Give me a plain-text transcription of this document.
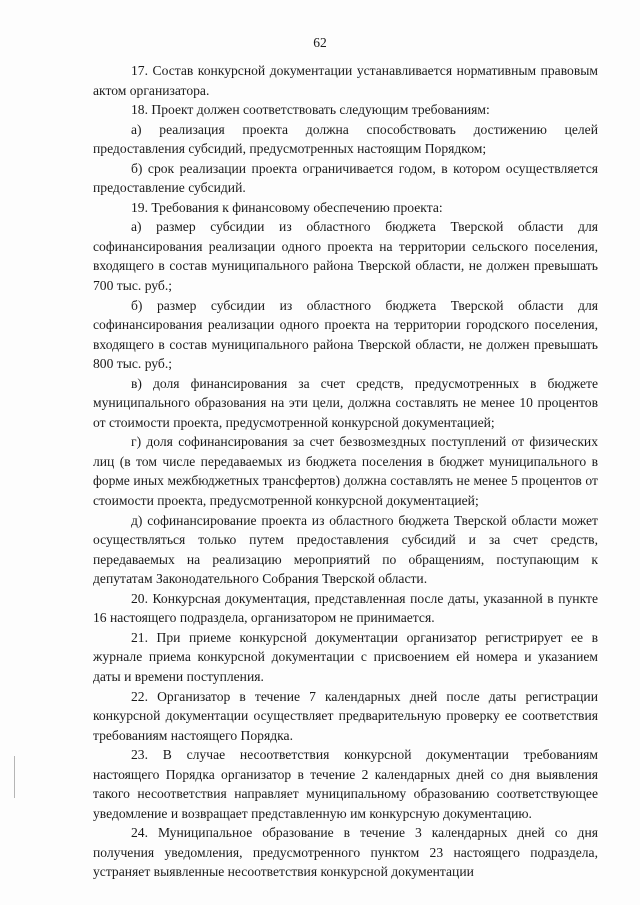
62

17. Состав конкурсной документации устанавливается нормативным правовым актом организатора.

18. Проект должен соответствовать следующим требованиям:

а) реализация проекта должна способствовать достижению целей предоставления субсидий, предусмотренных настоящим Порядком;

б) срок реализации проекта ограничивается годом, в котором осуществляется предоставление субсидий.

19. Требования к финансовому обеспечению проекта:

а) размер субсидии из областного бюджета Тверской области для софинансирования реализации одного проекта на территории сельского поселения, входящего в состав муниципального района Тверской области, не должен превышать 700 тыс. руб.;

б) размер субсидии из областного бюджета Тверской области для софинансирования реализации одного проекта на территории городского поселения, входящего в состав муниципального района Тверской области, не должен превышать 800 тыс. руб.;

в) доля финансирования за счет средств, предусмотренных в бюджете муниципального образования на эти цели, должна составлять не менее 10 процентов от стоимости проекта, предусмотренной конкурсной документацией;

г) доля софинансирования за счет безвозмездных поступлений от физических лиц (в том числе передаваемых из бюджета поселения в бюджет муниципального в форме иных межбюджетных трансфертов) должна составлять не менее 5 процентов от стоимости проекта, предусмотренной конкурсной документацией;

д) софинансирование проекта из областного бюджета Тверской области может осуществляться только путем предоставления субсидий и за счет средств, передаваемых на реализацию мероприятий по обращениям, поступающим к депутатам Законодательного Собрания Тверской области.

20. Конкурсная документация, представленная после даты, указанной в пункте 16 настоящего подраздела, организатором не принимается.

21. При приеме конкурсной документации организатор регистрирует ее в журнале приема конкурсной документации с присвоением ей номера и указанием даты и времени поступления.

22. Организатор в течение 7 календарных дней после даты регистрации конкурсной документации осуществляет предварительную проверку ее соответствия требованиям настоящего Порядка.

23. В случае несоответствия конкурсной документации требованиям настоящего Порядка организатор в течение 2 календарных дней со дня выявления такого несоответствия направляет муниципальному образованию соответствующее уведомление и возвращает представленную им конкурсную документацию.

24. Муниципальное образование в течение 3 календарных дней со дня получения уведомления, предусмотренного пунктом 23 настоящего подраздела, устраняет выявленные несоответствия конкурсной документации
